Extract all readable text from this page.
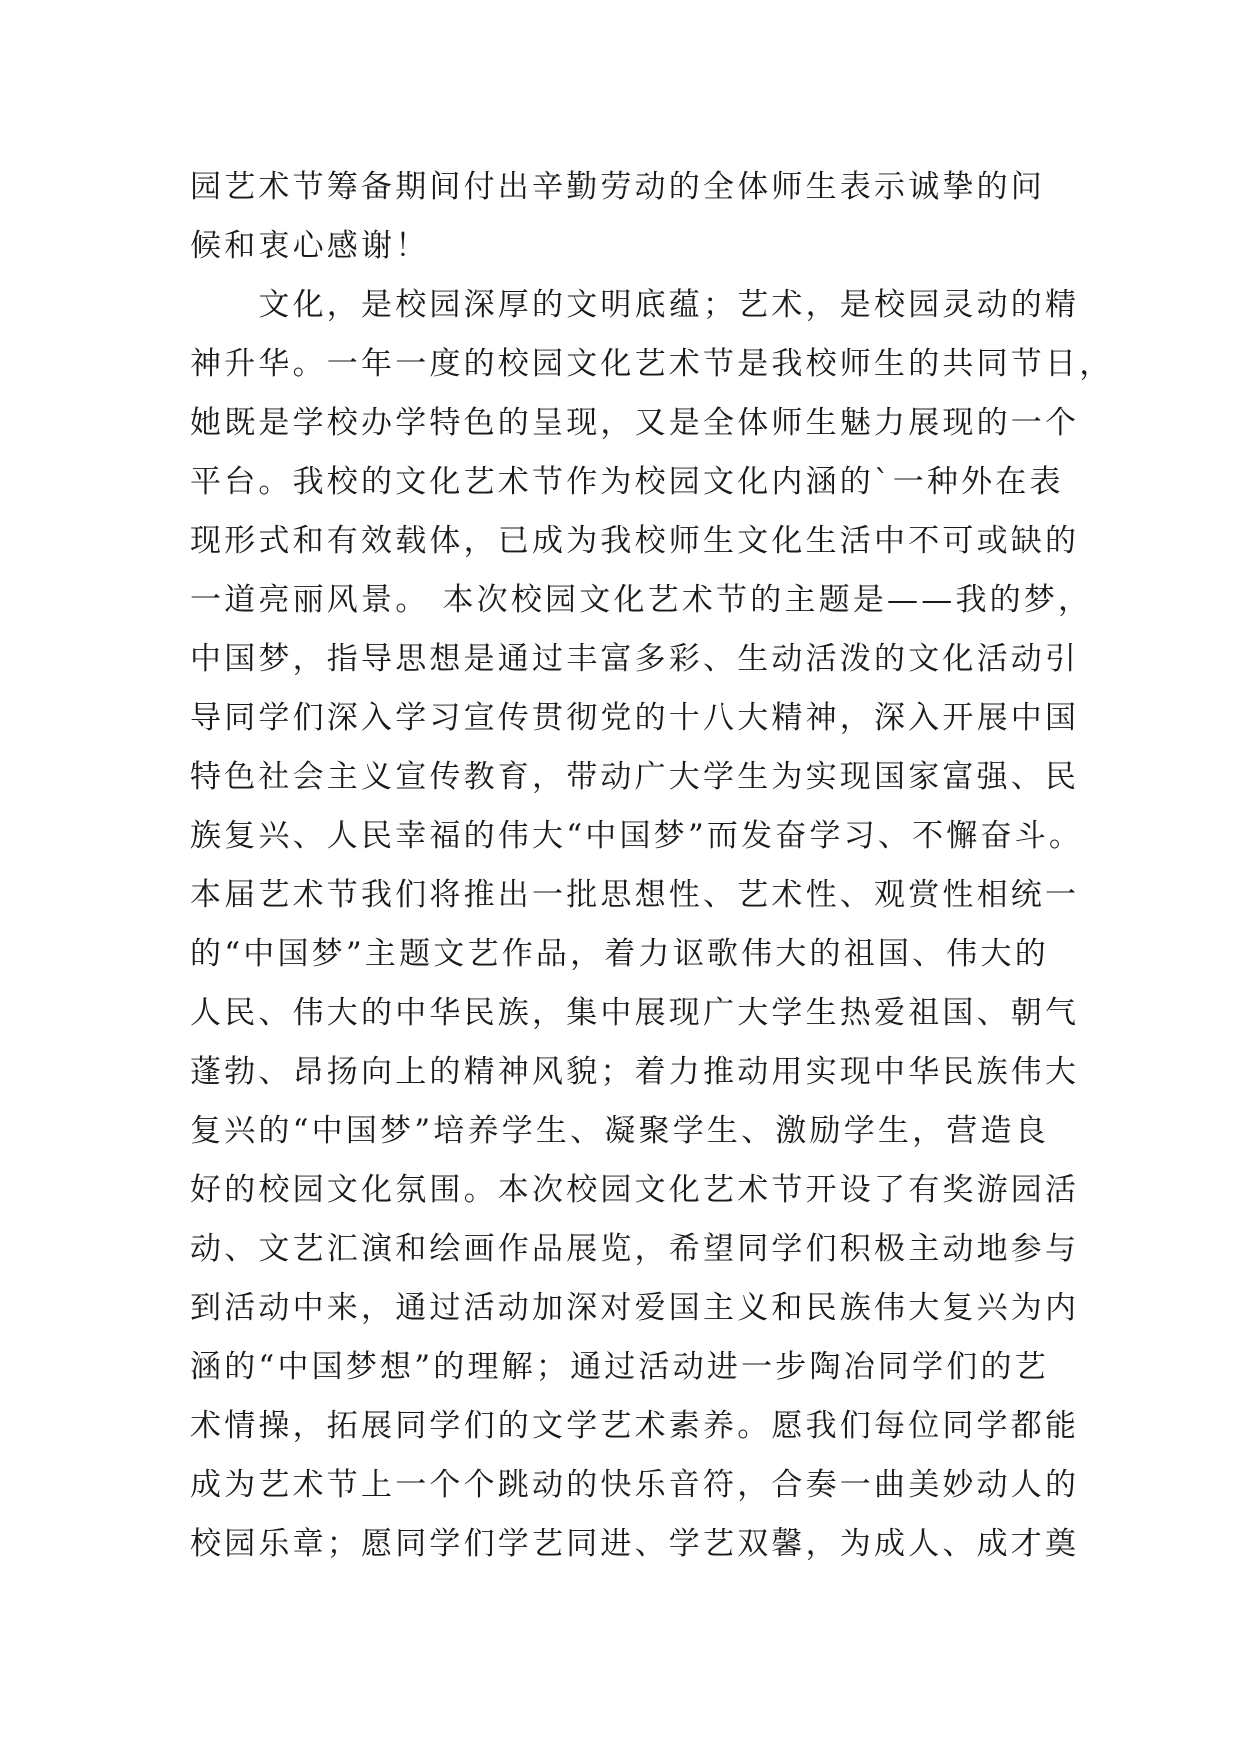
园艺术节筹备期间付出辛勤劳动的全体师生表示诚挚的问
候和衷心感谢！
　　文化，是校园深厚的文明底蕴；艺术，是校园灵动的精
神升华。一年一度的校园文化艺术节是我校师生的共同节日，
她既是学校办学特色的呈现，又是全体师生魅力展现的一个
平台。我校的文化艺术节作为校园文化内涵的`一种外在表
现形式和有效载体，已成为我校师生文化生活中不可或缺的
一道亮丽风景。 本次校园文化艺术节的主题是——我的梦，
中国梦，指导思想是通过丰富多彩、生动活泼的文化活动引
导同学们深入学习宣传贯彻党的十八大精神，深入开展中国
特色社会主义宣传教育，带动广大学生为实现国家富强、民
族复兴、人民幸福的伟大“中国梦”而发奋学习、不懈奋斗。
本届艺术节我们将推出一批思想性、艺术性、观赏性相统一
的“中国梦”主题文艺作品，着力讴歌伟大的祖国、伟大的
人民、伟大的中华民族，集中展现广大学生热爱祖国、朝气
蓬勃、昂扬向上的精神风貌；着力推动用实现中华民族伟大
复兴的“中国梦”培养学生、凝聚学生、激励学生，营造良
好的校园文化氛围。本次校园文化艺术节开设了有奖游园活
动、文艺汇演和绘画作品展览，希望同学们积极主动地参与
到活动中来，通过活动加深对爱国主义和民族伟大复兴为内
涵的“中国梦想”的理解；通过活动进一步陶冶同学们的艺
术情操，拓展同学们的文学艺术素养。愿我们每位同学都能
成为艺术节上一个个跳动的快乐音符，合奏一曲美妙动人的
校园乐章；愿同学们学艺同进、学艺双馨，为成人、成才奠
